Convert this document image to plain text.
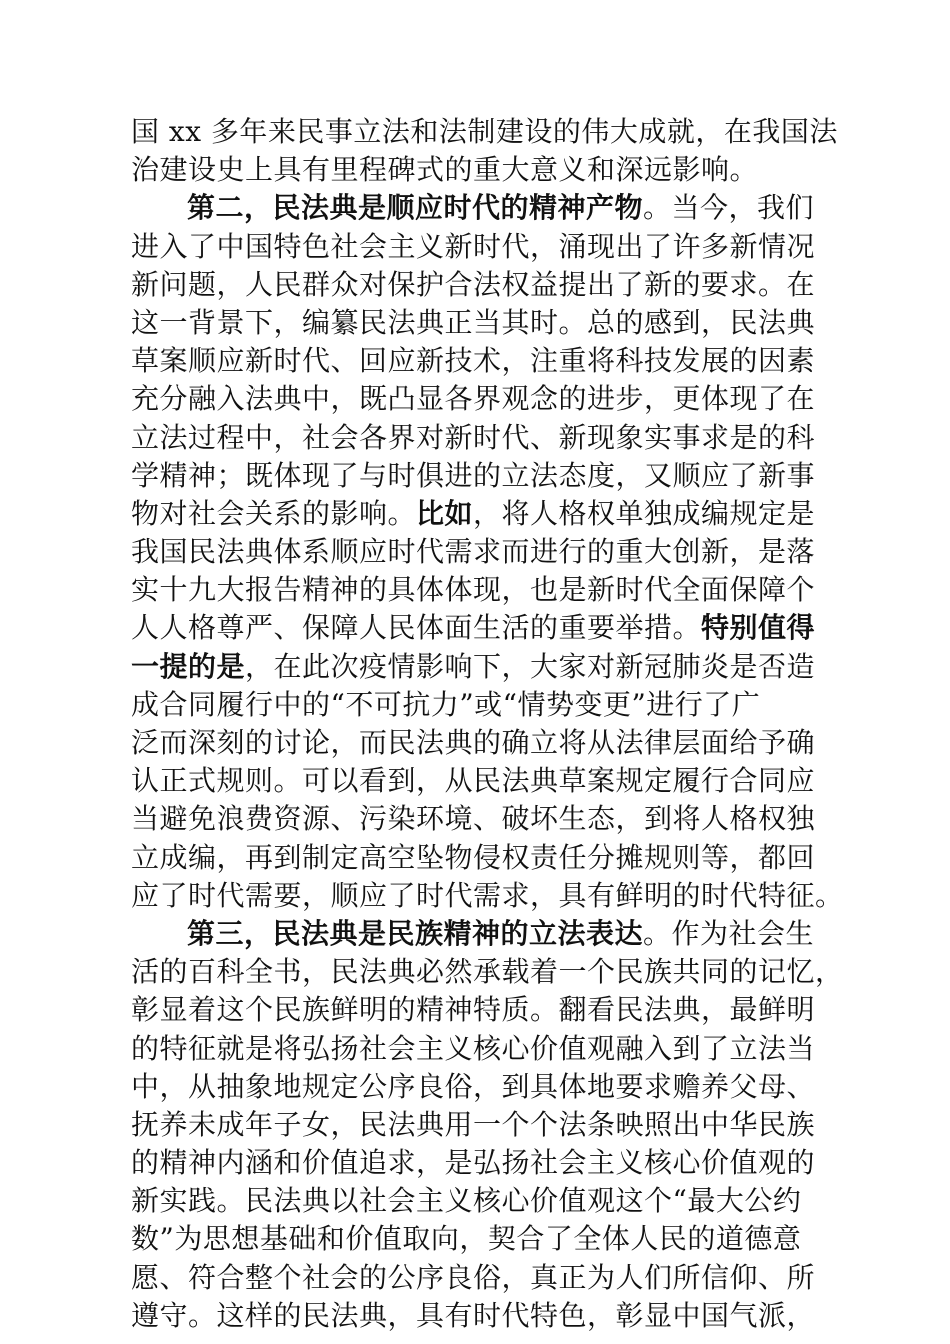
国 xx 多年来民事立法和法制建设的伟大成就，在我国法
治建设史上具有里程碑式的重大意义和深远影响。
第二，民法典是顺应时代的精神产物。当今，我们
进入了中国特色社会主义新时代，涌现出了许多新情况
新问题，人民群众对保护合法权益提出了新的要求。在
这一背景下，编纂民法典正当其时。总的感到，民法典
草案顺应新时代、回应新技术，注重将科技发展的因素
充分融入法典中，既凸显各界观念的进步，更体现了在
立法过程中，社会各界对新时代、新现象实事求是的科
学精神；既体现了与时俱进的立法态度，又顺应了新事
物对社会关系的影响。比如，将人格权单独成编规定是
我国民法典体系顺应时代需求而进行的重大创新，是落
实十九大报告精神的具体体现，也是新时代全面保障个
人人格尊严、保障人民体面生活的重要举措。特别值得
一提的是，在此次疫情影响下，大家对新冠肺炎是否造
成合同履行中的“不可抗力”或“情势变更”进行了广
泛而深刻的讨论，而民法典的确立将从法律层面给予确
认正式规则。可以看到，从民法典草案规定履行合同应
当避免浪费资源、污染环境、破坏生态，到将人格权独
立成编，再到制定高空坠物侵权责任分摊规则等，都回
应了时代需要，顺应了时代需求，具有鲜明的时代特征。
第三，民法典是民族精神的立法表达。作为社会生
活的百科全书，民法典必然承载着一个民族共同的记忆，
彰显着这个民族鲜明的精神特质。翻看民法典，最鲜明
的特征就是将弘扬社会主义核心价值观融入到了立法当
中，从抽象地规定公序良俗，到具体地要求赡养父母、
抚养未成年子女，民法典用一个个法条映照出中华民族
的精神内涵和价值追求，是弘扬社会主义核心价值观的
新实践。民法典以社会主义核心价值观这个“最大公约
数”为思想基础和价值取向，契合了全体人民的道德意
愿、符合整个社会的公序良俗，真正为人们所信仰、所
遵守。这样的民法典，具有时代特色，彰显中国气派，
